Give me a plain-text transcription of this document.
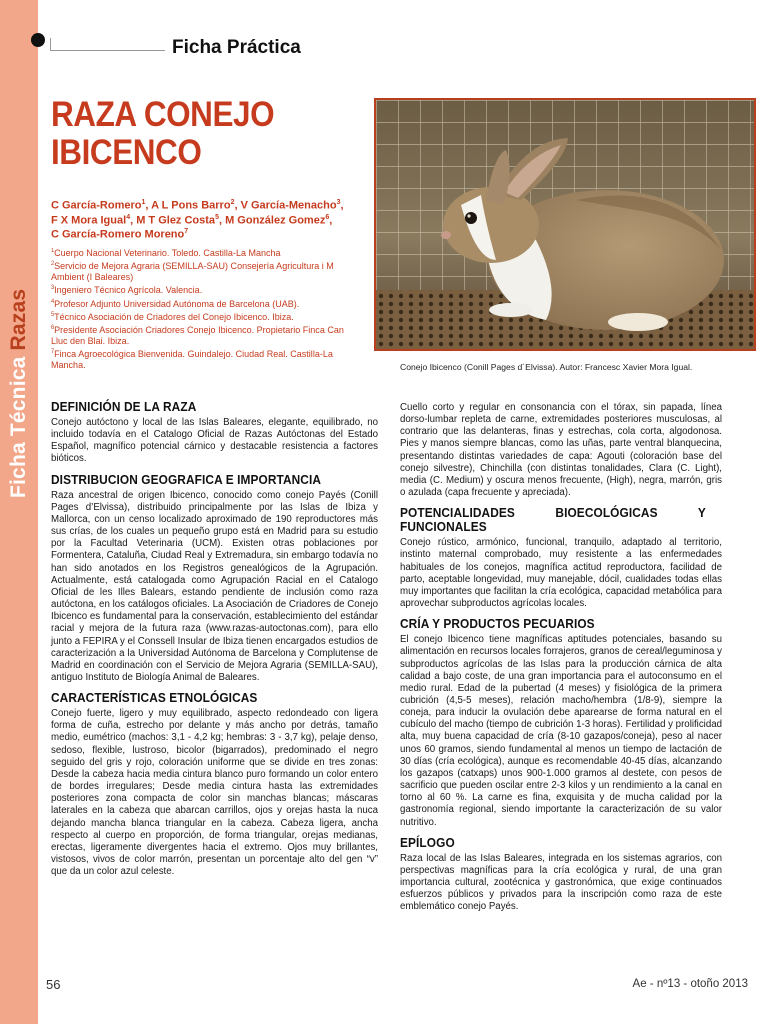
Ficha Técnica Razas
Ficha Práctica
RAZA CONEJO
IBICENCO
C García-Romero$^1$, A L Pons Barro$^2$, V García-Menacho$^3$,
F X Mora Igual$^4$, M T Glez Costa$^5$, M González Gomez$^6$,
C García-Romero Moreno$^7$
$^1$Cuerpo Nacional Veterinario. Toledo. Castilla-La Mancha
$^2$Servicio de Mejora Agraria (SEMILLA-SAU) Consejería Agricultura i M Ambient (I Baleares)
$^3$Ingeniero Técnico Agrícola. Valencia.
$^4$Profesor Adjunto Universidad Autónoma de Barcelona (UAB).
$^5$Técnico Asociación de Criadores del Conejo Ibicenco. Ibiza.
$^6$Presidente Asociación Criadores Conejo Ibicenco. Propietario Finca Can Lluc den Blai. Ibiza.
$^7$Finca Agroecológica Bienvenida. Guindalejo. Ciudad Real. Castilla-La Mancha.	Conejo Ibicenco (Conill Pages d´Elvissa). Autor: Francesc Xavier Mora Igual.
DEFINICIÓN DE LA RAZA

Conejo autóctono y local de las Islas Baleares, elegante, equilibrado, no incluido todavía en el Catalogo Oficial de Razas Autóctonas del Estado Español, magnífico potencial cárnico y destacable resistencia a factores bióticos.

DISTRIBUCION GEOGRAFICA E IMPORTANCIA

Raza ancestral de origen Ibicenco, conocido como conejo Payés (Conill Pages d’Elvissa), distribuido principalmente por las Islas de Ibiza y Mallorca, con un censo localizado aproximado de 190 reproductores más sus crías, de los cuales un pequeño grupo está en Madrid para su estudio por la Facultad Veterinaria (UCM). Existen otras poblaciones por Formentera, Cataluña, Ciudad Real y Extremadura, sin embargo todavía no han sido anotados en los Registros genealógicos de la Agrupación. Actualmente, está catalogada como Agrupación Racial en el Catalogo Oficial de les Illes Balears, estando pendiente de inclusión como raza autóctona, en los catálogos oficiales. La Asociación de Criadores de Conejo Ibicenco es fundamental para la conservación, establecimiento del estándar racial y mejora de la futura raza (www.razas-autoctonas.com), para ello junto a FEPIRA y el Conssell Insular de Ibiza tienen encargados estudios de caracterización a la Universidad Autónoma de Barcelona y Complutense de Madrid en coordinación con el Servicio de Mejora Agraria (SEMILLA-SAU), antiguo Instituto de Biología Animal de Baleares.

CARACTERÍSTICAS ETNOLÓGICAS

Conejo fuerte, ligero y muy equilibrado, aspecto redondeado con ligera forma de cuña, estrecho por delante y más ancho por detrás, tamaño medio, eumétrico (machos: 3,1 - 4,2 kg; hembras: 3 - 3,7 kg), pelaje denso, sedoso, flexible, lustroso, bicolor (bigarrados), predominado el negro seguido del gris y rojo, coloración uniforme que se divide en tres zonas: Desde la cabeza hacia media cintura blanco puro formando un color entero de bordes irregulares; Desde media cintura hasta las extremidades posteriores zona compacta de color sin manchas blancas; máscaras laterales en la cabeza que abarcan carrillos, ojos y orejas hasta la nuca dejando mancha blanca triangular en la cabeza. Cabeza ligera, ancha respecto al cuerpo en proporción, de forma triangular, orejas medianas, erectas, ligeramente divergentes hacia el extremo. Ojos muy brillantes, vistosos, vivos de color marrón, presentan un porcentaje alto del gen “v” que da un color azul celeste.

Cuello corto y regular en consonancia con el tórax, sin papada, línea dorso-lumbar repleta de carne, extremidades posteriores musculosas, al contrario que las delanteras, finas y estrechas, cola corta, algodonosa. Pies y manos siempre blancas, como las uñas, parte ventral blanquecina, presentando distintas variedades de capa: Agouti (coloración base del conejo silvestre), Chinchilla (con distintas tonalidades, Clara (C. Light), media (C. Medium) y oscura menos frecuente, (High), negra, marrón, gris o azulada (capa frecuente y apreciada).

POTENCIALIDADES BIOECOLÓGICAS Y FUNCIONALES

Conejo rústico, armónico, funcional, tranquilo, adaptado al territorio, instinto maternal comprobado, muy resistente a las enfermedades habituales de los conejos, magnífica actitud reproductora, facilidad de parto, aceptable longevidad, muy manejable, dócil, cualidades todas ellas muy importantes que facilitan la cría ecológica, capacidad metabólica para aprovechar subproductos agrícolas locales.

CRÍA Y PRODUCTOS PECUARIOS

El conejo Ibicenco tiene magníficas aptitudes potenciales, basando su alimentación en recursos locales forrajeros, granos de cereal/leguminosa y subproductos agrícolas de las Islas para la producción cárnica de alta calidad a bajo coste, de una gran importancia para el autoconsumo en el medio rural. Edad de la pubertad (4 meses) y fisiológica de la primera cubrición (4,5-5 meses), relación macho/hembra (1/8-9), siempre la coneja, para inducir la ovulación debe aparearse de forma natural en el cubículo del macho (tiempo de cubrición 1-3 horas). Fertilidad y prolificidad alta, muy buena capacidad de cría (8-10 gazapos/coneja), peso al nacer unos 60 gramos, siendo fundamental al menos un tiempo de lactación de 30 días (cría ecológica), aunque es recomendable 40-45 días, alcanzando los gazapos (catxaps) unos 900-1.000 gramos al destete, con pesos de sacrificio que pueden oscilar entre 2-3 kilos y un rendimiento a la canal en torno al 60 %. La carne es fina, exquisita y de mucha calidad por la gastronomía regional, siendo importante la caracterización de su valor nutritivo.

EPÍLOGO

Raza local de las Islas Baleares, integrada en los sistemas agrarios, con perspectivas magníficas para la cría ecológica y rural, de una gran importancia cultural, zootécnica y gastronómica, que exige continuados esfuerzos públicos y privados para la inscripción como raza de este emblemático conejo Payés.

56	Ae - nº13 - otoño 2013
